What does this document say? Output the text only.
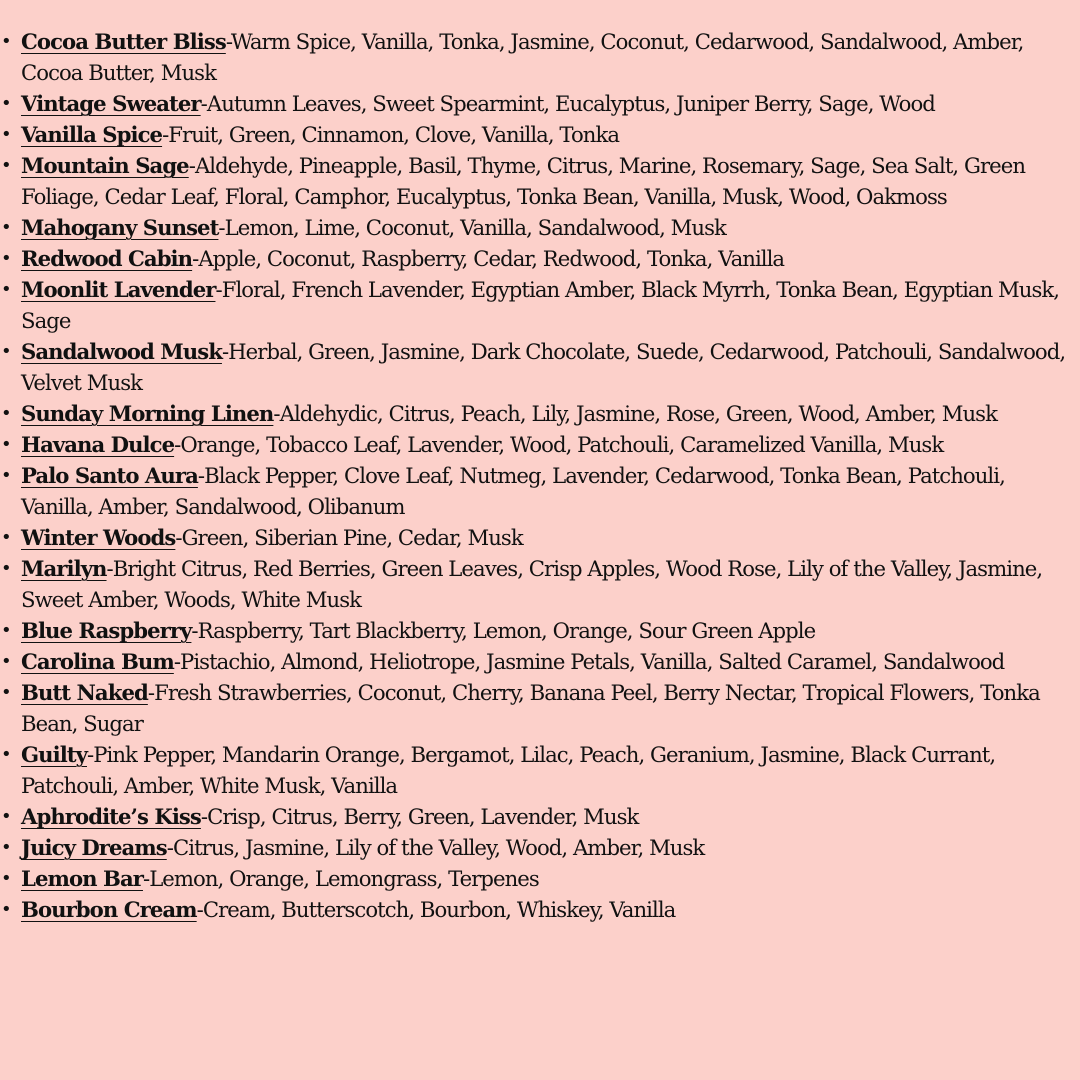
• Cocoa Butter Bliss-Warm Spice, Vanilla, Tonka, Jasmine, Coconut, Cedarwood, Sandalwood, Amber, Cocoa Butter, Musk
• Vintage Sweater-Autumn Leaves, Sweet Spearmint, Eucalyptus, Juniper Berry, Sage, Wood
• Vanilla Spice-Fruit, Green, Cinnamon, Clove, Vanilla, Tonka
• Mountain Sage-Aldehyde, Pineapple, Basil, Thyme, Citrus, Marine, Rosemary, Sage, Sea Salt, Green Foliage, Cedar Leaf, Floral, Camphor, Eucalyptus, Tonka Bean, Vanilla, Musk, Wood, Oakmoss
• Mahogany Sunset-Lemon, Lime, Coconut, Vanilla, Sandalwood, Musk
• Redwood Cabin-Apple, Coconut, Raspberry, Cedar, Redwood, Tonka, Vanilla
• Moonlit Lavender-Floral, French Lavender, Egyptian Amber, Black Myrrh, Tonka Bean, Egyptian Musk, Sage
• Sandalwood Musk-Herbal, Green, Jasmine, Dark Chocolate, Suede, Cedarwood, Patchouli, Sandalwood, Velvet Musk
• Sunday Morning Linen-Aldehydic, Citrus, Peach, Lily, Jasmine, Rose, Green, Wood, Amber, Musk
• Havana Dulce-Orange, Tobacco Leaf, Lavender, Wood, Patchouli, Caramelized Vanilla, Musk
• Palo Santo Aura-Black Pepper, Clove Leaf, Nutmeg, Lavender, Cedarwood, Tonka Bean, Patchouli, Vanilla, Amber, Sandalwood, Olibanum
• Winter Woods-Green, Siberian Pine, Cedar, Musk
• Marilyn-Bright Citrus, Red Berries, Green Leaves, Crisp Apples, Wood Rose, Lily of the Valley, Jasmine, Sweet Amber, Woods, White Musk
• Blue Raspberry-Raspberry, Tart Blackberry, Lemon, Orange, Sour Green Apple
• Carolina Bum-Pistachio, Almond, Heliotrope, Jasmine Petals, Vanilla, Salted Caramel, Sandalwood
• Butt Naked-Fresh Strawberries, Coconut, Cherry, Banana Peel, Berry Nectar, Tropical Flowers, Tonka Bean, Sugar
• Guilty-Pink Pepper, Mandarin Orange, Bergamot, Lilac, Peach, Geranium, Jasmine, Black Currant, Patchouli, Amber, White Musk, Vanilla
• Aphrodite’s Kiss-Crisp, Citrus, Berry, Green, Lavender, Musk
• Juicy Dreams-Citrus, Jasmine, Lily of the Valley, Wood, Amber, Musk
• Lemon Bar-Lemon, Orange, Lemongrass, Terpenes
• Bourbon Cream-Cream, Butterscotch, Bourbon, Whiskey, Vanilla
